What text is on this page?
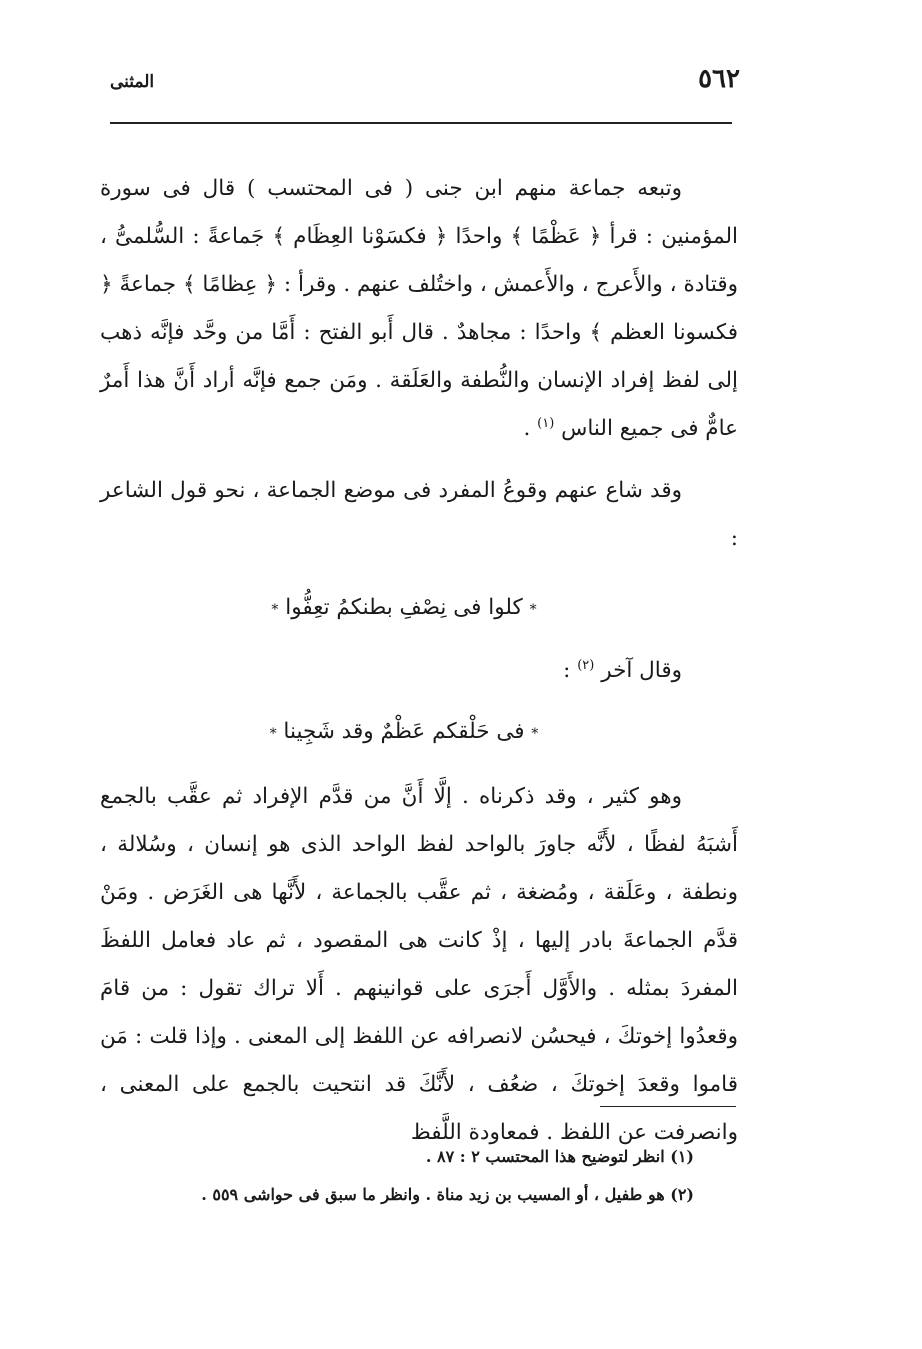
٥٦٢
المثنى

وتبعه جماعة منهم ابن جنى ( فى المحتسب ) قال فى سورة المؤمنين : قرأ ﴿ عَظْمًا ﴾ واحدًا ﴿ فكسَوْنا العِظَام ﴾ جَماعةً : السُّلمىُّ ، وقتادة ، والأَعرج ، والأَعمش ، واختُلف عنهم . وقرأ : ﴿ عِظامًا ﴾ جماعةً ﴿ فكسونا العظم ﴾ واحدًا : مجاهدٌ . قال أَبو الفتح : أَمَّا من وحَّد فإنَّه ذهب إلى لفظ إفراد الإنسان والنُّطفة والعَلَقة . ومَن جمع فإنَّه أراد أَنَّ هذا أَمرٌ عامٌّ فى جميع الناس $^{(١)}$ .

وقد شاع عنهم وقوعُ المفرد فى موضع الجماعة ، نحو قول الشاعر :

* كلوا فى نِصْفِ بطنكمُ تعِفُّوا *

وقال آخر $^{(٢)}$ :

* فى حَلْقكم عَظْمٌ وقد شَجِينا *

وهو كثير ، وقد ذكرناه . إلَّا أَنَّ من قدَّم الإفراد ثم عقَّب بالجمع أَشبَهُ لفظًا ، لأَنَّه جاورَ بالواحد لفظ الواحد الذى هو إنسان ، وسُلالة ، ونطفة ، وعَلَقة ، ومُضغة ، ثم عقَّب بالجماعة ، لأَنَّها هى الغَرَض . ومَنْ قدَّم الجماعةَ بادر إليها ، إذْ كانت هى المقصود ، ثم عاد فعامل اللفظَ المفردَ بمثله . والأَوَّل أَجرَى على قوانينهم . أَلا تراك تقول : من قامَ وقعدُوا إخوتكَ ، فيحسُن لانصرافه عن اللفظ إلى المعنى . وإذا قلت : مَن قاموا وقعدَ إخوتكَ ، ضعُف ، لأَنَّكَ قد انتحيت بالجمع على المعنى ، وانصرفت عن اللفظ . فمعاودة اللَّفظ

(١) انظر لتوضيح هذا المحتسب ٢ : ٨٧ .

(٢) هو طفيل ، أو المسيب بن زيد مناة . وانظر ما سبق فى حواشى ٥٥٩ .
